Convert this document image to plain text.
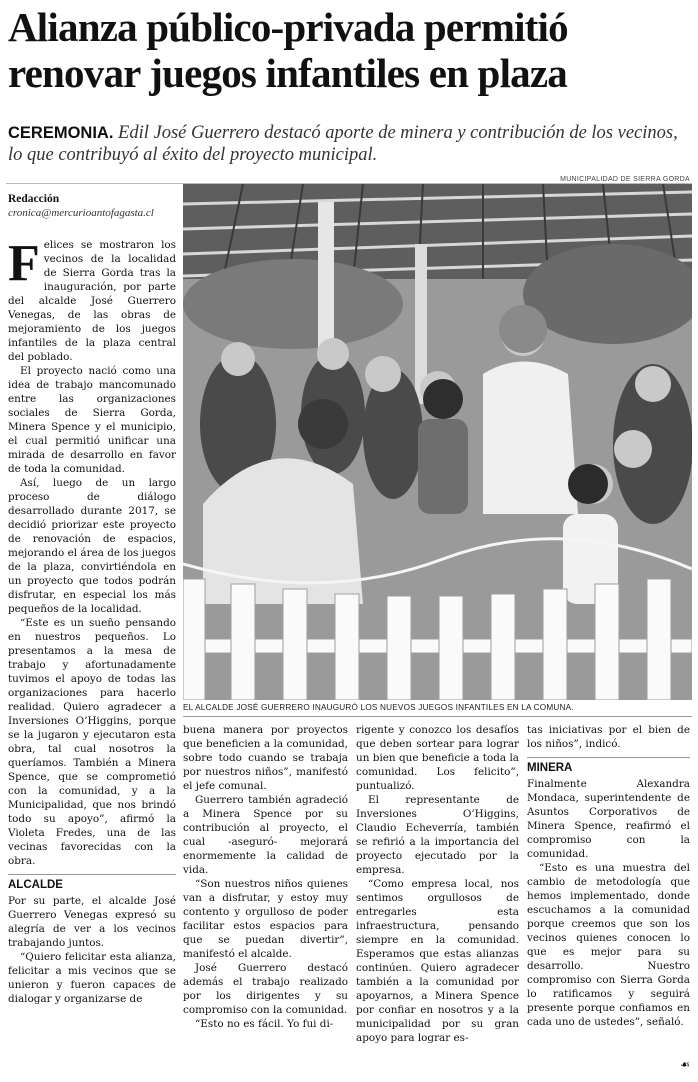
Alianza público-privada permitió renovar juegos infantiles en plaza
CEREMONIA. Edil José Guerrero destacó aporte de minera y contribución de los vecinos, lo que contribuyó al éxito del proyecto municipal.
Redacción
cronica@mercurioantofagasta.cl
MUNICIPALIDAD DE SIERRA GORDA
EL ALCALDE JOSÉ GUERRERO INAUGURÓ LOS NUEVOS JUEGOS INFANTILES EN LA COMUNA.

Felices se mostraron los vecinos de la localidad de Sierra Gorda tras la inauguración, por parte del alcalde José Guerrero Venegas, de las obras de mejoramiento de los juegos infantiles de la plaza central del poblado.

El proyecto nació como una idea de trabajo mancomunado entre las organizaciones sociales de Sierra Gorda, Minera Spence y el municipio, el cual permitió unificar una mirada de desarrollo en favor de toda la comunidad.

Así, luego de un largo proceso de diálogo desarrollado durante 2017, se decidió priorizar este proyecto de renovación de espacios, mejorando el área de los juegos de la plaza, convirtiéndola en un proyecto que todos podrán disfrutar, en especial los más pequeños de la localidad.

“Este es un sueño pensando en nuestros pequeños. Lo presentamos a la mesa de trabajo y afortunadamente tuvimos el apoyo de todas las organizaciones para hacerlo realidad. Quiero agradecer a Inversiones O’Higgins, porque se la jugaron y ejecutaron esta obra, tal cual nosotros la queríamos. También a Minera Spence, que se comprometió con la comunidad, y a la Municipalidad, que nos brindó todo su apoyo”, afirmó la Violeta Fredes, una de las vecinas favorecidas con la obra.

ALCALDE

Por su parte, el alcalde José Guerrero Venegas expresó su alegría de ver a los vecinos trabajando juntos.

“Quiero felicitar esta alianza, felicitar a mis vecinos que se unieron y fueron capaces de dialogar y organizarse de

buena manera por proyectos que beneficien a la comunidad, sobre todo cuando se trabaja por nuestros niños”, manifestó el jefe comunal.

Guerrero también agradeció a Minera Spence por su contribución al proyecto, el cual -aseguró- mejorará enormemente la calidad de vida.

“Son nuestros niños quienes van a disfrutar, y estoy muy contento y orgulloso de poder facilitar estos espacios para que se puedan divertir”, manifestó el alcalde.

José Guerrero destacó además el trabajo realizado por los dirigentes y su compromiso con la comunidad.

“Esto no es fácil. Yo fui di-

rigente y conozco los desafíos que deben sortear para lograr un bien que beneficie a toda la comunidad. Los felicito”, puntualizó.

El representante de Inversiones O’Higgins, Claudio Echeverría, también se refirió a la importancia del proyecto ejecutado por la empresa.

“Como empresa local, nos sentimos orgullosos de entregarles esta infraestructura, pensando siempre en la comunidad. Esperamos que estas alianzas continúen. Quiero agradecer también a la comunidad por apoyarnos, a Minera Spence por confiar en nosotros y a la municipalidad por su gran apoyo para lograr es-

tas iniciativas por el bien de los niños”, indicó.

MINERA

Finalmente Alexandra Mondaca, superintendente de Asuntos Corporativos de Minera Spence, reafirmó el compromiso con la comunidad.

“Esto es una muestra del cambio de metodología que hemos implementado, donde escuchamos a la comunidad porque creemos que son los vecinos quienes conocen lo que es mejor para su desarrollo. Nuestro compromiso con Sierra Gorda lo ratificamos y seguirá presente porque confiamos en cada uno de ustedes”, señaló.

☙
